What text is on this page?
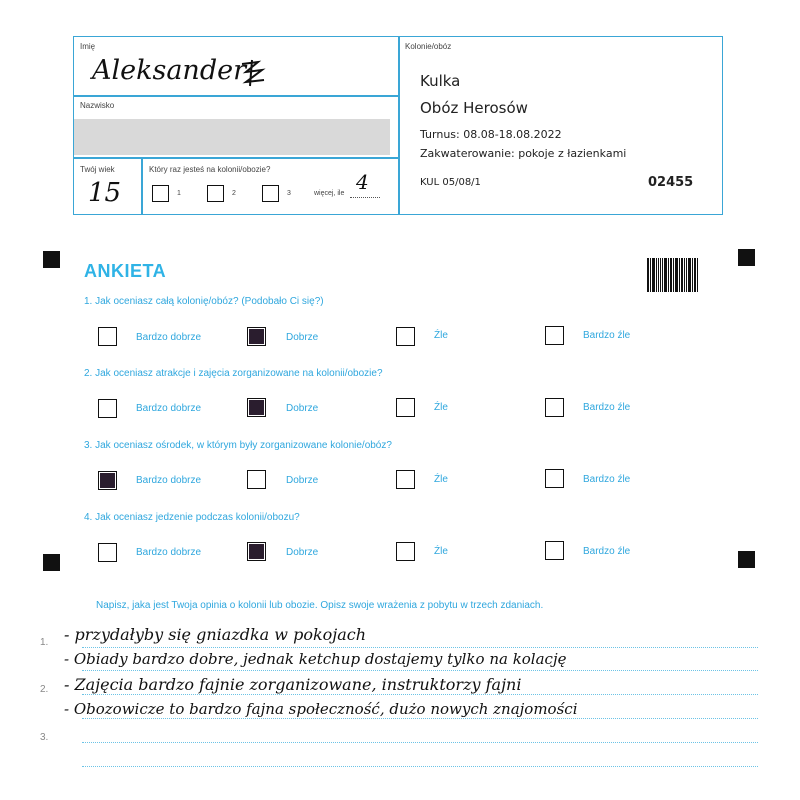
Imię
Aleksander
Nazwisko
Twój wiek
15
Który raz jesteś na kolonii/obozie?
1	2	3	więcej, ile 4
Kolonie/obóz
Kulka
Obóz Herosów
Turnus: 08.08-18.08.2022
Zakwaterowanie: pokoje z łazienkami
KUL 05/08/1	02455
ANKIETA
1. Jak oceniasz całą kolonię/obóz? (Podobało Ci się?)
Bardzo dobrze	Dobrze	Źle	Bardzo źle
2. Jak oceniasz atrakcje i zajęcia zorganizowane na kolonii/obozie?
Bardzo dobrze	Dobrze	Źle	Bardzo źle
3. Jak oceniasz ośrodek, w którym były zorganizowane kolonie/obóz?
Bardzo dobrze	Dobrze	Źle	Bardzo źle
4. Jak oceniasz jedzenie podczas kolonii/obozu?
Bardzo dobrze	Dobrze	Źle	Bardzo źle
Napisz, jaka jest Twoja opinia o kolonii lub obozie. Opisz swoje wrażenia z pobytu w trzech zdaniach.
1.
2.
3.
- przydałyby się gniazdka w pokojach
- Obiady bardzo dobre, jednak ketchup dostajemy tylko na kolację
- Zajęcia bardzo fajnie zorganizowane, instruktorzy fajni
- Obozowicze to bardzo fajna społeczność, dużo nowych znajomości
